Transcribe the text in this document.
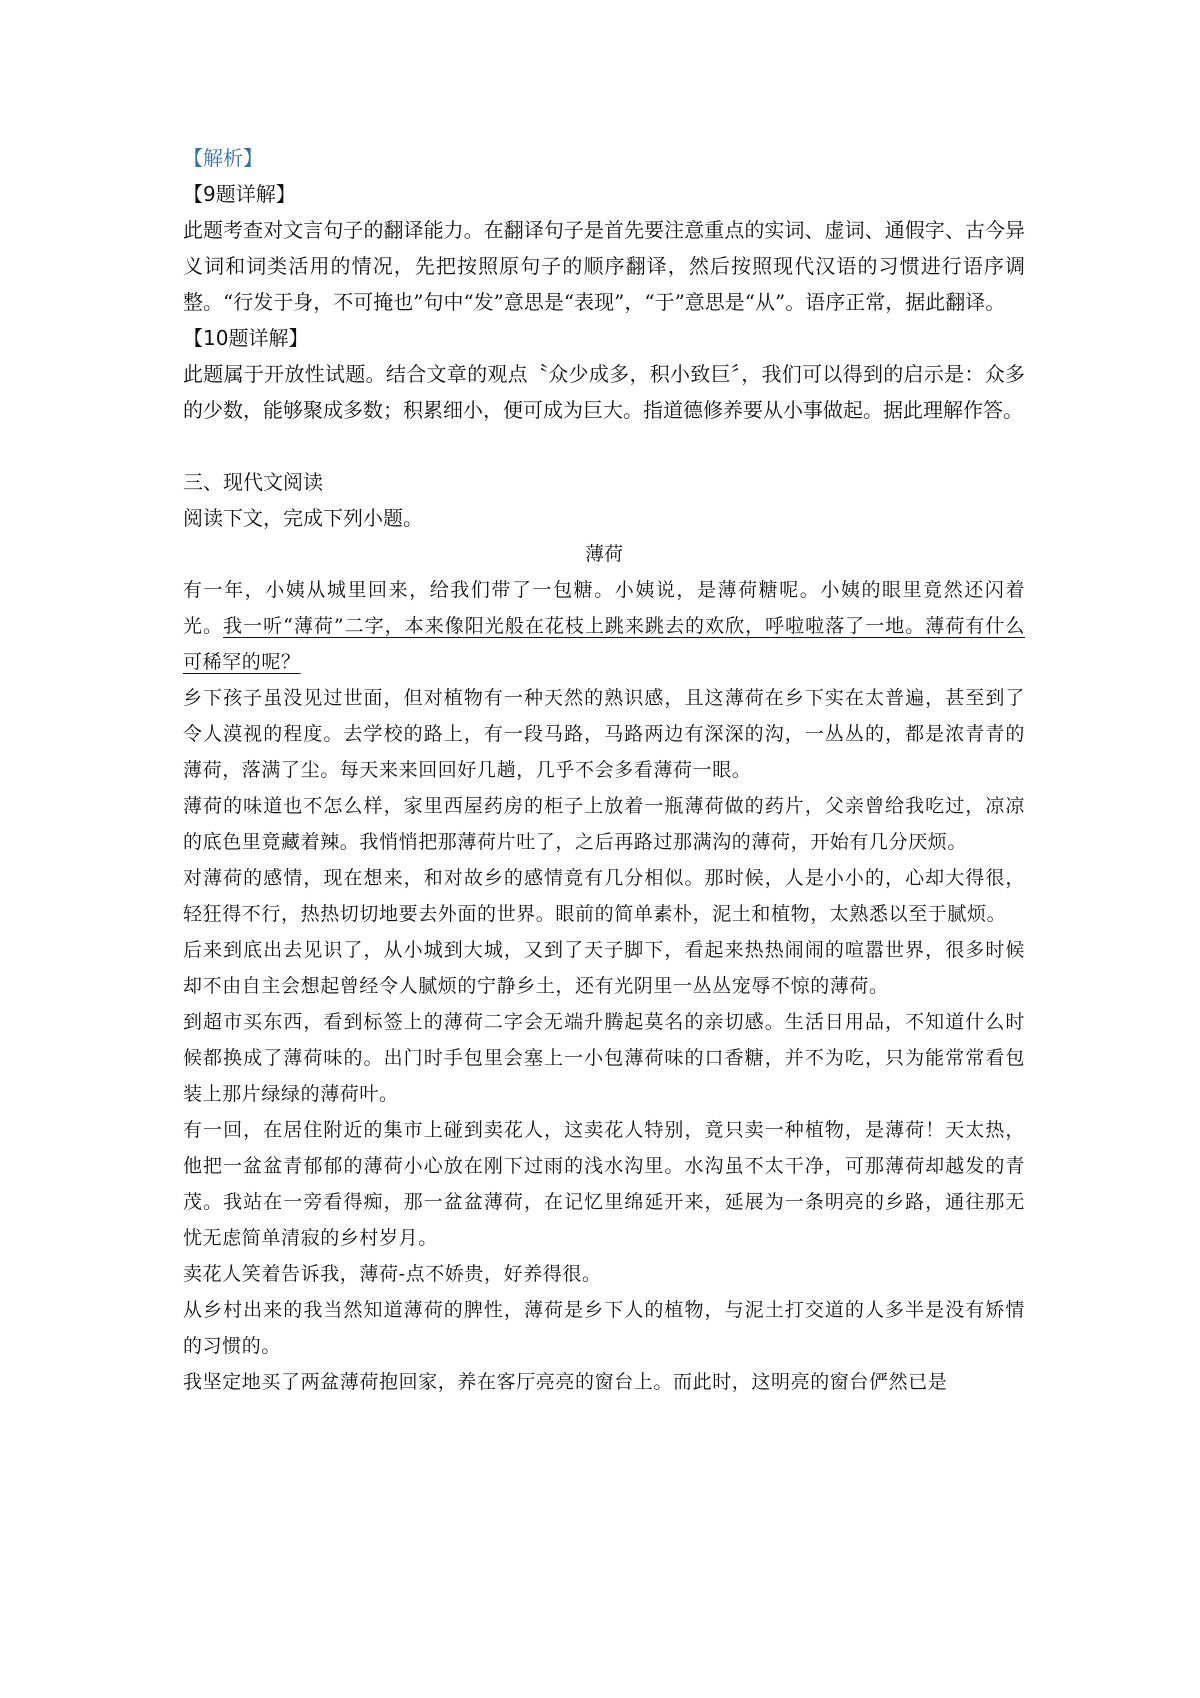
【解析】
【9题详解】

此题考查对文言句子的翻译能力。在翻译句子是首先要注意重点的实词、虚词、通假字、古今异义词和词类活用的情况，先把按照原句子的顺序翻译，然后按照现代汉语的习惯进行语序调整。“行发于身，不可掩也”句中“发”意思是“表现”，“于”意思是“从”。语序正常，据此翻译。

【10题详解】

此题属于开放性试题。结合文章的观点〝众少成多，积小致巨〞，我们可以得到的启示是：众多的少数，能够聚成多数；积累细小，便可成为巨大。指道德修养要从小事做起。据此理解作答。

三、现代文阅读
阅读下文，完成下列小题。
薄荷

有一年，小姨从城里回来，给我们带了一包糖。小姨说，是薄荷糖呢。小姨的眼里竟然还闪着光。我一听“薄荷”二字，本来像阳光般在花枝上跳来跳去的欢欣，呼啦啦落了一地。薄荷有什么可稀罕的呢？

乡下孩子虽没见过世面，但对植物有一种天然的熟识感，且这薄荷在乡下实在太普遍，甚至到了令人漠视的程度。去学校的路上，有一段马路，马路两边有深深的沟，一丛丛的，都是浓青青的薄荷，落满了尘。每天来来回回好几趟，几乎不会多看薄荷一眼。

薄荷的味道也不怎么样，家里西屋药房的柜子上放着一瓶薄荷做的药片，父亲曾给我吃过，凉凉的底色里竟藏着辣。我悄悄把那薄荷片吐了，之后再路过那满沟的薄荷，开始有几分厌烦。

对薄荷的感情，现在想来，和对故乡的感情竟有几分相似。那时候，人是小小的，心却大得很，轻狂得不行，热热切切地要去外面的世界。眼前的简单素朴，泥土和植物，太熟悉以至于腻烦。

后来到底出去见识了，从小城到大城，又到了天子脚下，看起来热热闹闹的喧嚣世界，很多时候却不由自主会想起曾经令人腻烦的宁静乡土，还有光阴里一丛丛宠辱不惊的薄荷。

到超市买东西，看到标签上的薄荷二字会无端升腾起莫名的亲切感。生活日用品，不知道什么时候都换成了薄荷味的。出门时手包里会塞上一小包薄荷味的口香糖，并不为吃，只为能常常看包装上那片绿绿的薄荷叶。

有一回，在居住附近的集市上碰到卖花人，这卖花人特别，竟只卖一种植物，是薄荷！天太热，他把一盆盆青郁郁的薄荷小心放在刚下过雨的浅水沟里。水沟虽不太干净，可那薄荷却越发的青茂。我站在一旁看得痴，那一盆盆薄荷，在记忆里绵延开来，延展为一条明亮的乡路，通往那无忧无虑简单清寂的乡村岁月。

卖花人笑着告诉我，薄荷-点不娇贵，好养得很。

从乡村出来的我当然知道薄荷的脾性，薄荷是乡下人的植物，与泥土打交道的人多半是没有矫情的习惯的。

我坚定地买了两盆薄荷抱回家，养在客厅亮亮的窗台上。而此时，这明亮的窗台俨然已是
